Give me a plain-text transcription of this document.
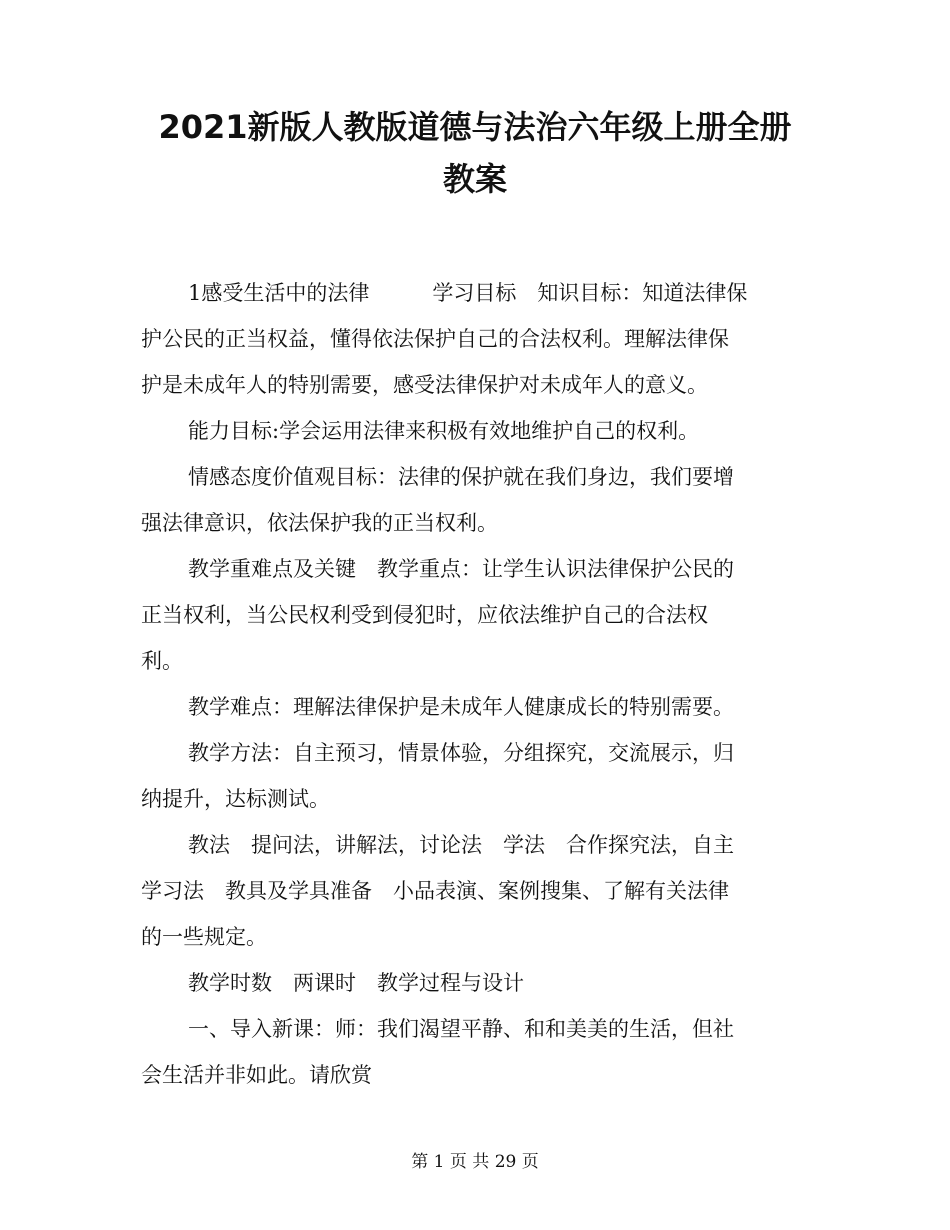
2021新版人教版道德与法治六年级上册全册
教案
1感受生活中的法律　　　学习目标　知识目标：知道法律保
护公民的正当权益，懂得依法保护自己的合法权利。理解法律保
护是未成年人的特别需要，感受法律保护对未成年人的意义。
能力目标:学会运用法律来积极有效地维护自己的权利。
情感态度价值观目标：法律的保护就在我们身边，我们要增
强法律意识，依法保护我的正当权利。
教学重难点及关键　教学重点：让学生认识法律保护公民的
正当权利，当公民权利受到侵犯时，应依法维护自己的合法权
利。
教学难点：理解法律保护是未成年人健康成长的特别需要。
教学方法：自主预习，情景体验，分组探究，交流展示，归
纳提升，达标测试。
教法　提问法，讲解法，讨论法　学法　合作探究法，自主
学习法　教具及学具准备　小品表演、案例搜集、了解有关法律
的一些规定。
教学时数　两课时　教学过程与设计
一、导入新课：师：我们渴望平静、和和美美的生活，但社
会生活并非如此。请欣赏
第 1 页 共 29 页
